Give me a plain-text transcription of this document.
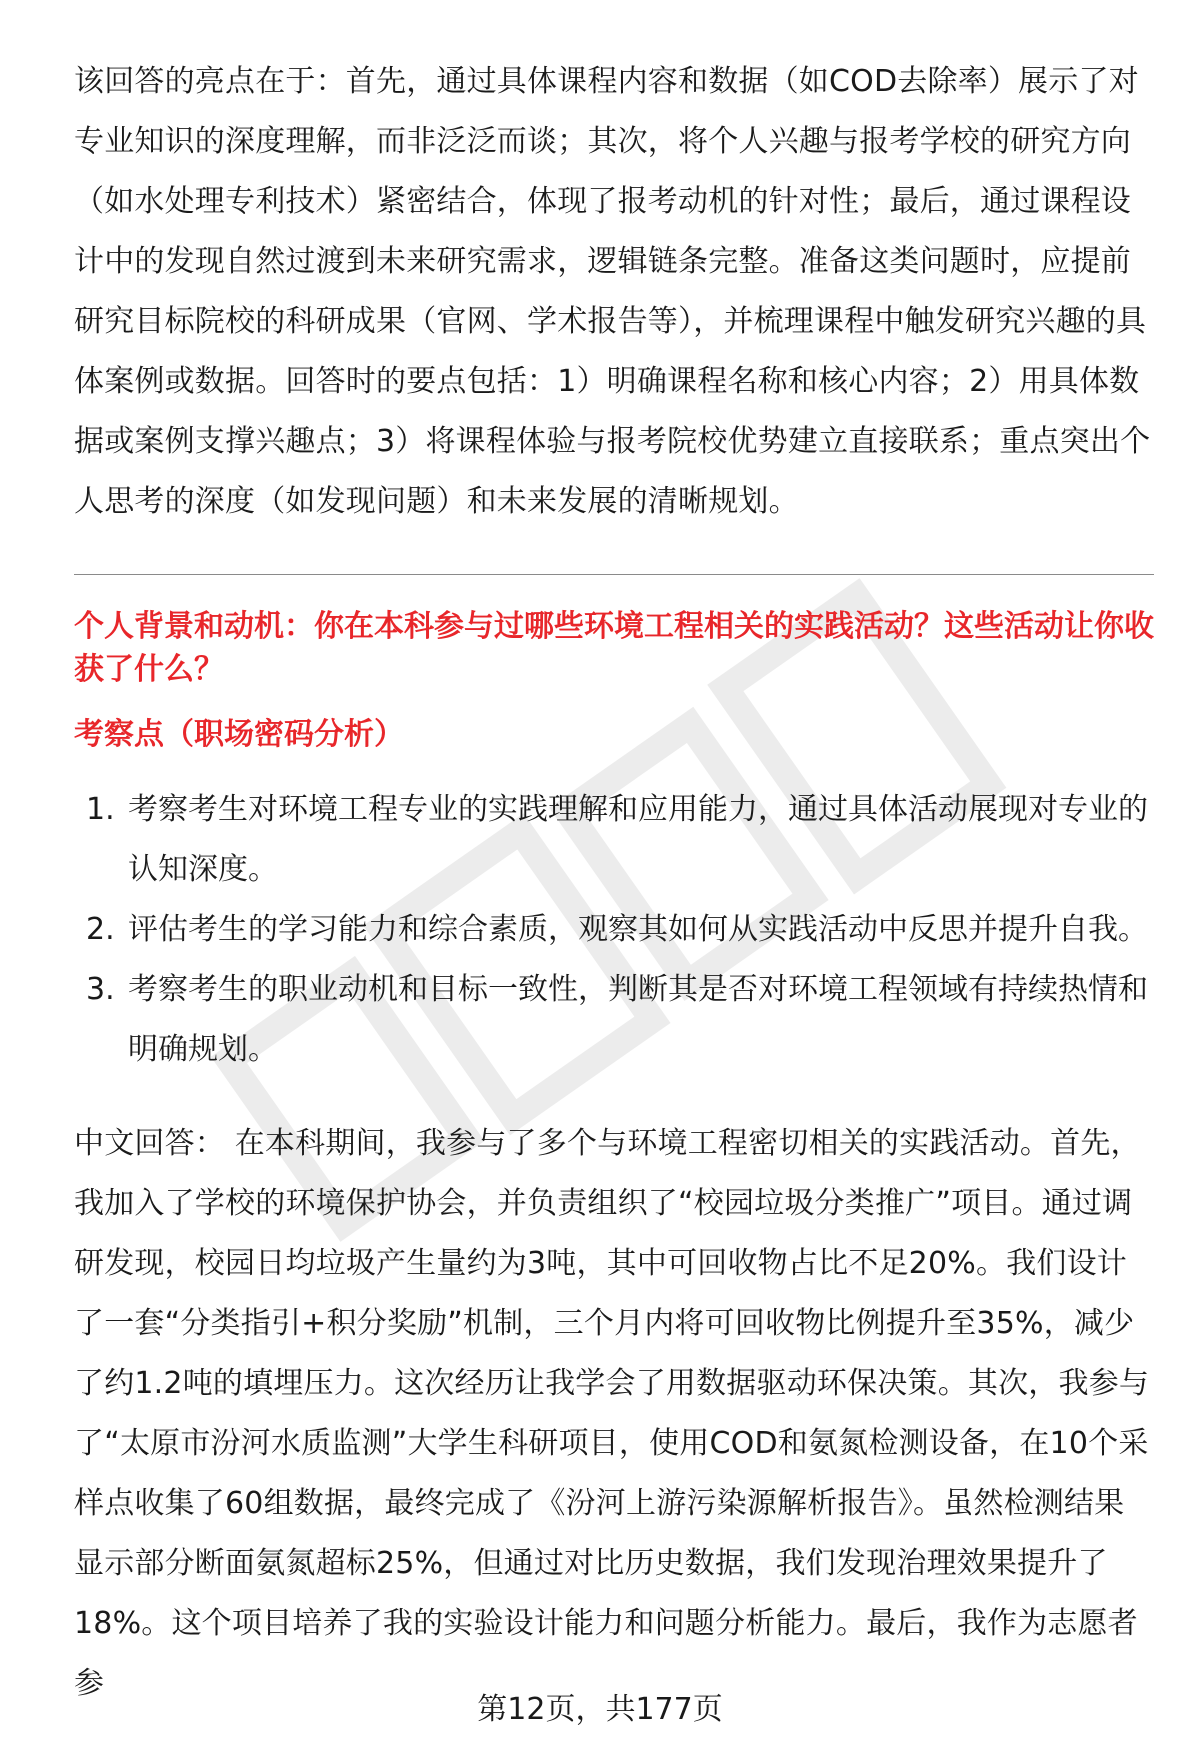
该回答的亮点在于：首先，通过具体课程内容和数据（如COD去除率）展示了对专业知识的深度理解，而非泛泛而谈；其次，将个人兴趣与报考学校的研究方向（如水处理专利技术）紧密结合，体现了报考动机的针对性；最后，通过课程设计中的发现自然过渡到未来研究需求，逻辑链条完整。准备这类问题时，应提前研究目标院校的科研成果（官网、学术报告等），并梳理课程中触发研究兴趣的具体案例或数据。回答时的要点包括：1）明确课程名称和核心内容；2）用具体数据或案例支撑兴趣点；3）将课程体验与报考院校优势建立直接联系；重点突出个人思考的深度（如发现问题）和未来发展的清晰规划。

个人背景和动机：你在本科参与过哪些环境工程相关的实践活动？这些活动让你收获了什么？

考察点（职场密码分析）

1. 考察考生对环境工程专业的实践理解和应用能力，通过具体活动展现对专业的认知深度。
2. 评估考生的学习能力和综合素质，观察其如何从实践活动中反思并提升自我。
3. 考察考生的职业动机和目标一致性，判断其是否对环境工程领域有持续热情和明确规划。

中文回答： 在本科期间，我参与了多个与环境工程密切相关的实践活动。首先，我加入了学校的环境保护协会，并负责组织了“校园垃圾分类推广”项目。通过调研发现，校园日均垃圾产生量约为3吨，其中可回收物占比不足20%。我们设计了一套“分类指引+积分奖励”机制，三个月内将可回收物比例提升至35%，减少了约1.2吨的填埋压力。这次经历让我学会了用数据驱动环保决策。其次，我参与了“太原市汾河水质监测”大学生科研项目，使用COD和氨氮检测设备，在10个采样点收集了60组数据，最终完成了《汾河上游污染源解析报告》。虽然检测结果显示部分断面氨氮超标25%，但通过对比历史数据，我们发现治理效果提升了18%。这个项目培养了我的实验设计能力和问题分析能力。最后，我作为志愿者参

第12页，共177页
